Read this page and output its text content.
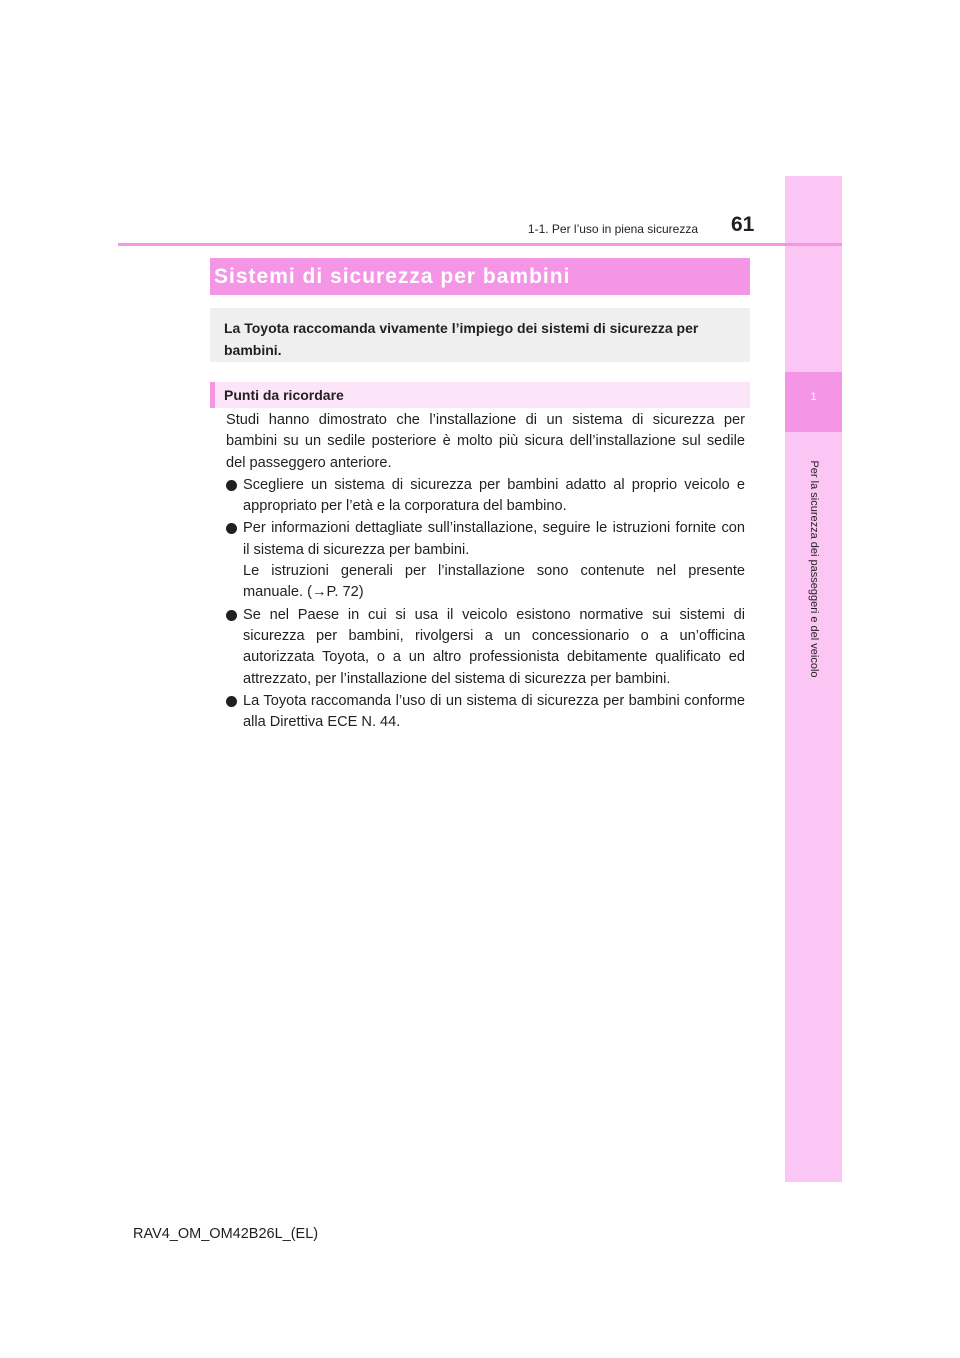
1
Per la sicurezza dei passeggeri e del veicolo
1-1. Per l’uso in piena sicurezza 61
Sistemi di sicurezza per bambini
La Toyota raccomanda vivamente l’impiego dei sistemi di sicurezza per bambini.
Punti da ricordare

Studi hanno dimostrato che l’installazione di un sistema di sicurezza per bambini su un sedile posteriore è molto più sicura dell’installazione sul sedile del passeggero anteriore.

Scegliere un sistema di sicurezza per bambini adatto al proprio veicolo e appropriato per l’età e la corporatura del bambino.
Per informazioni dettagliate sull’installazione, seguire le istruzioni fornite con il sistema di sicurezza per bambini.
Le istruzioni generali per l’installazione sono contenute nel presente manuale. (→P. 72)
Se nel Paese in cui si usa il veicolo esistono normative sui sistemi di sicurezza per bambini, rivolgersi a un concessionario o a un’officina autorizzata Toyota, o a un altro professionista debitamente qualificato ed attrezzato, per l’installazione del sistema di sicurezza per bambini.
La Toyota raccomanda l’uso di un sistema di sicurezza per bambini conforme alla Direttiva ECE N. 44.
RAV4_OM_OM42B26L_(EL)
